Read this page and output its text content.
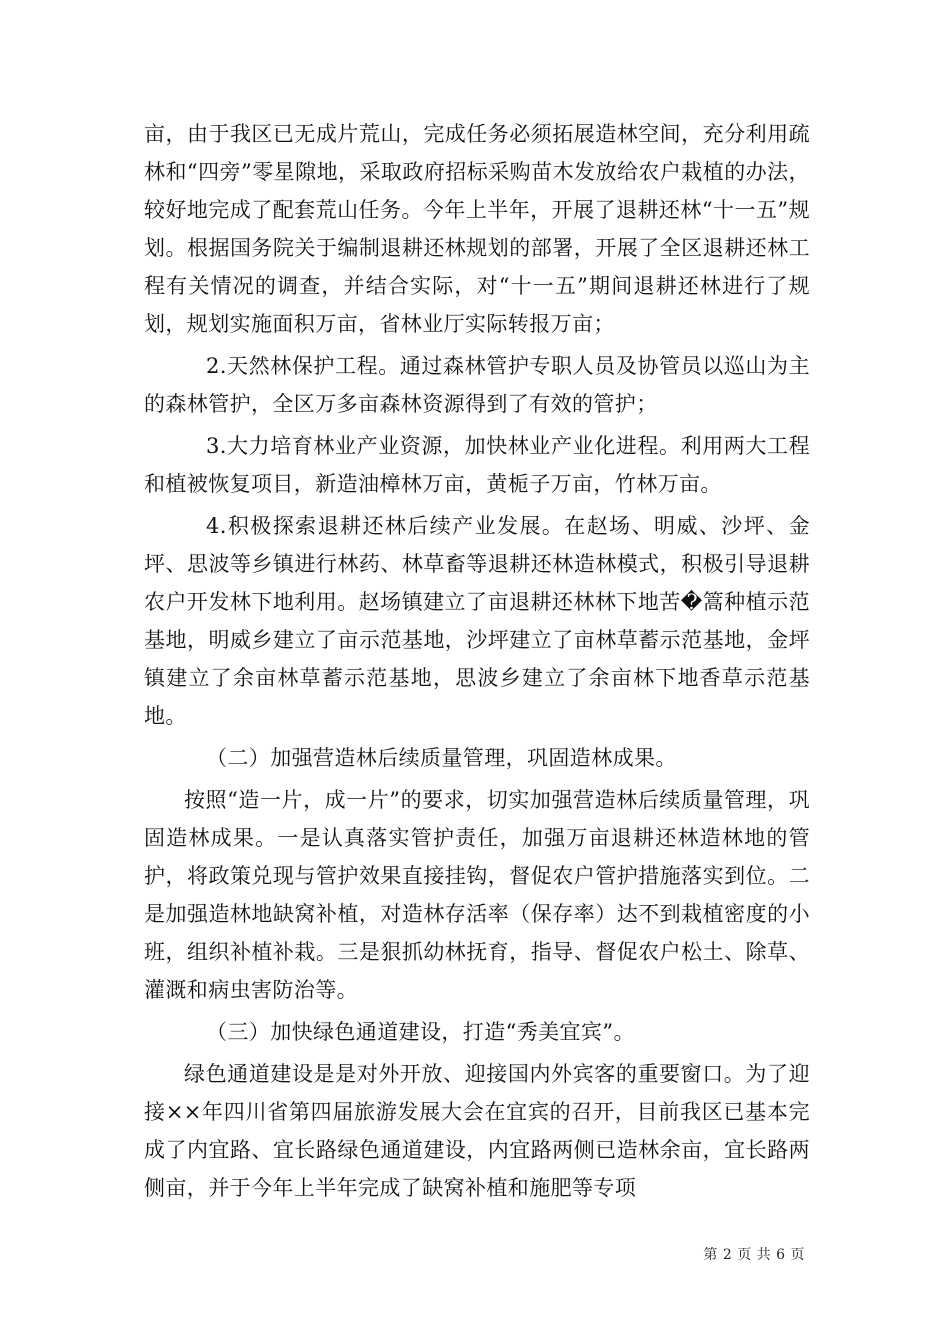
亩，由于我区已无成片荒山，完成任务必须拓展造林空间，充分利用疏林和“四旁”零星隙地，采取政府招标采购苗木发放给农户栽植的办法，较好地完成了配套荒山任务。今年上半年，开展了退耕还林“十一五”规划。根据国务院关于编制退耕还林规划的部署，开展了全区退耕还林工程有关情况的调查，并结合实际，对“十一五”期间退耕还林进行了规划，规划实施面积万亩，省林业厅实际转报万亩；

2.天然林保护工程。通过森林管护专职人员及协管员以巡山为主的森林管护，全区万多亩森林资源得到了有效的管护；

3.大力培育林业产业资源，加快林业产业化进程。利用两大工程和植被恢复项目，新造油樟林万亩，黄栀子万亩，竹林万亩。

4.积极探索退耕还林后续产业发展。在赵场、明威、沙坪、金坪、思波等乡镇进行林药、林草畜等退耕还林造林模式，积极引导退耕农户开发林下地利用。赵场镇建立了亩退耕还林林下地苦�篙种植示范基地，明威乡建立了亩示范基地，沙坪建立了亩林草蓄示范基地，金坪镇建立了余亩林草蓄示范基地，思波乡建立了余亩林下地香草示范基地。

（二）加强营造林后续质量管理，巩固造林成果。

按照“造一片，成一片”的要求，切实加强营造林后续质量管理，巩固造林成果。一是认真落实管护责任，加强万亩退耕还林造林地的管护，将政策兑现与管护效果直接挂钩，督促农户管护措施落实到位。二是加强造林地缺窝补植，对造林存活率（保存率）达不到栽植密度的小班，组织补植补栽。三是狠抓幼林抚育，指导、督促农户松土、除草、灌溉和病虫害防治等。

（三）加快绿色通道建设，打造“秀美宜宾”。

绿色通道建设是是对外开放、迎接国内外宾客的重要窗口。为了迎接××年四川省第四届旅游发展大会在宜宾的召开，目前我区已基本完成了内宜路、宜长路绿色通道建设，内宜路两侧已造林余亩，宜长路两侧亩，并于今年上半年完成了缺窝补植和施肥等专项

第 2 页 共 6 页
